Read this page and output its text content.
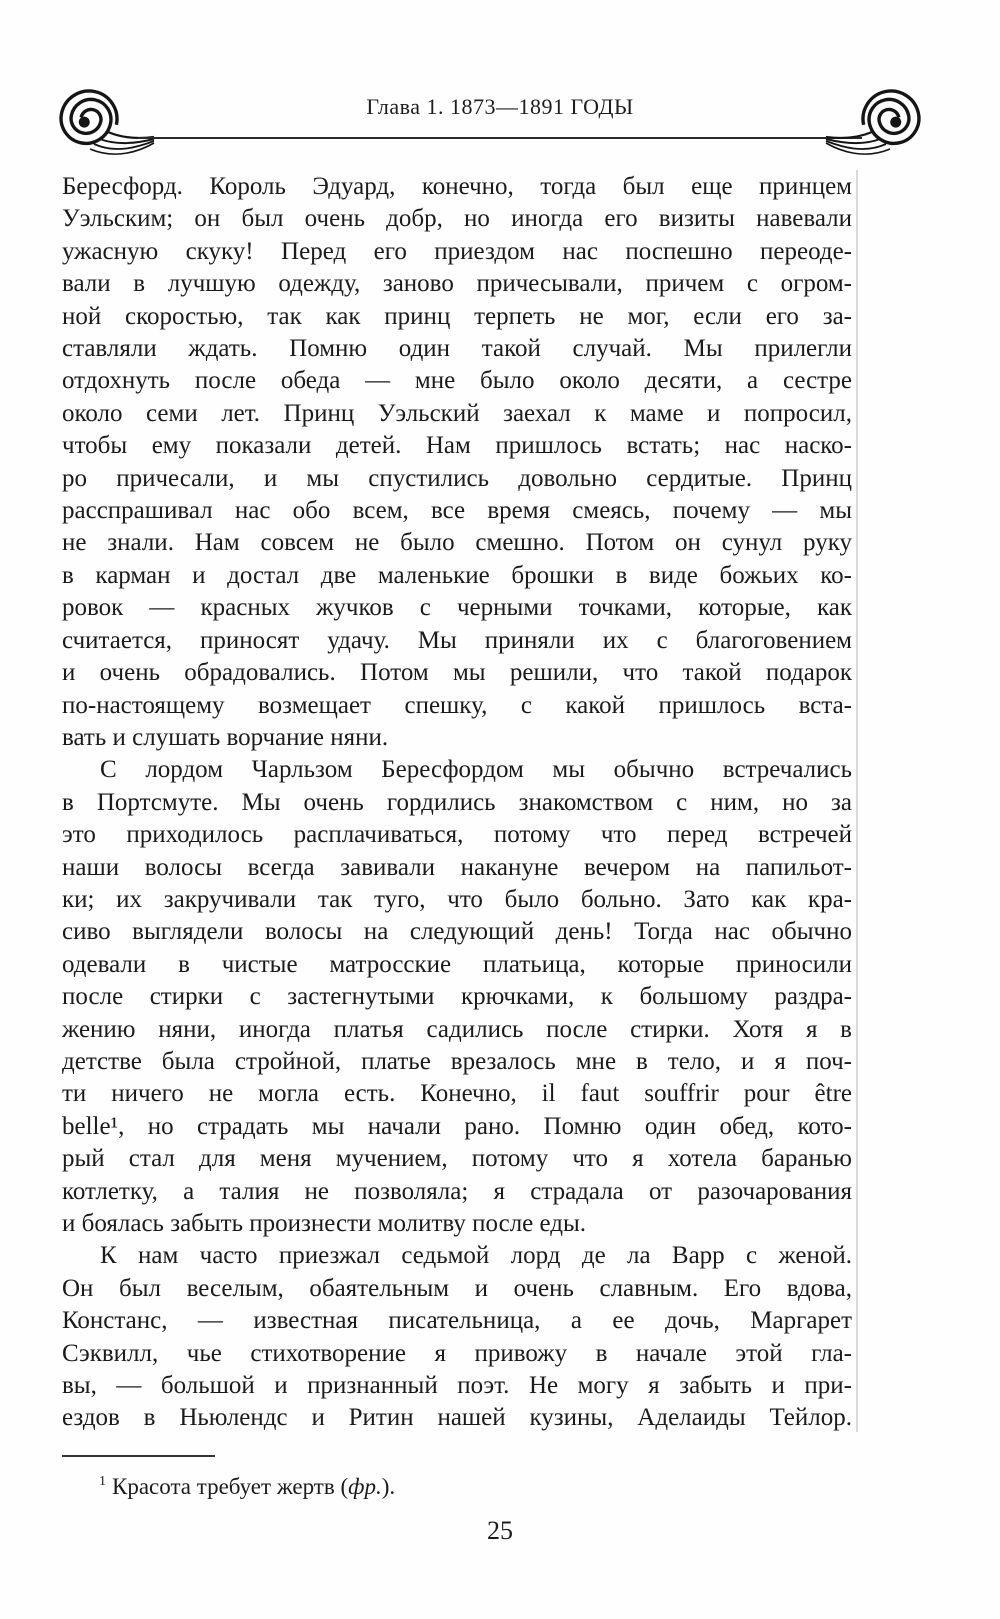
Глава 1. 1873—1891 ГОДЫ
Бересфорд. Король Эдуард, конечно, тогда был еще принцем
Уэльским; он был очень добр, но иногда его визиты навевали
ужасную скуку! Перед его приездом нас поспешно переоде-
вали в лучшую одежду, заново причесывали, причем с огром-
ной скоростью, так как принц терпеть не мог, если его за-
ставляли ждать. Помню один такой случай. Мы прилегли
отдохнуть после обеда — мне было около десяти, а сестре
около семи лет. Принц Уэльский заехал к маме и попросил,
чтобы ему показали детей. Нам пришлось встать; нас наско-
ро причесали, и мы спустились довольно сердитые. Принц
расспрашивал нас обо всем, все время смеясь, почему — мы
не знали. Нам совсем не было смешно. Потом он сунул руку
в карман и достал две маленькие брошки в виде божьих ко-
ровок — красных жучков с черными точками, которые, как
считается, приносят удачу. Мы приняли их с благоговением
и очень обрадовались. Потом мы решили, что такой подарок
по-настоящему возмещает спешку, с какой пришлось вста-
вать и слушать ворчание няни.
С лордом Чарльзом Бересфордом мы обычно встречались
в Портсмуте. Мы очень гордились знакомством с ним, но за
это приходилось расплачиваться, потому что перед встречей
наши волосы всегда завивали накануне вечером на папильот-
ки; их закручивали так туго, что было больно. Зато как кра-
сиво выглядели волосы на следующий день! Тогда нас обычно
одевали в чистые матросские платьица, которые приносили
после стирки с застегнутыми крючками, к большому раздра-
жению няни, иногда платья садились после стирки. Хотя я в
детстве была стройной, платье врезалось мне в тело, и я поч-
ти ничего не могла есть. Конечно, il faut souffrir pour être
belle¹, но страдать мы начали рано. Помню один обед, кото-
рый стал для меня мучением, потому что я хотела баранью
котлетку, а талия не позволяла; я страдала от разочарования
и боялась забыть произнести молитву после еды.
К нам часто приезжал седьмой лорд де ла Варр с женой.
Он был веселым, обаятельным и очень славным. Его вдова,
Констанс, — известная писательница, а ее дочь, Маргарет
Сэквилл, чье стихотворение я привожу в начале этой гла-
вы, — большой и признанный поэт. Не могу я забыть и при-
ездов в Ньюлендс и Ритин нашей кузины, Аделаиды Тейлор.
$^1$ Красота требует жертв (фр.).
25
